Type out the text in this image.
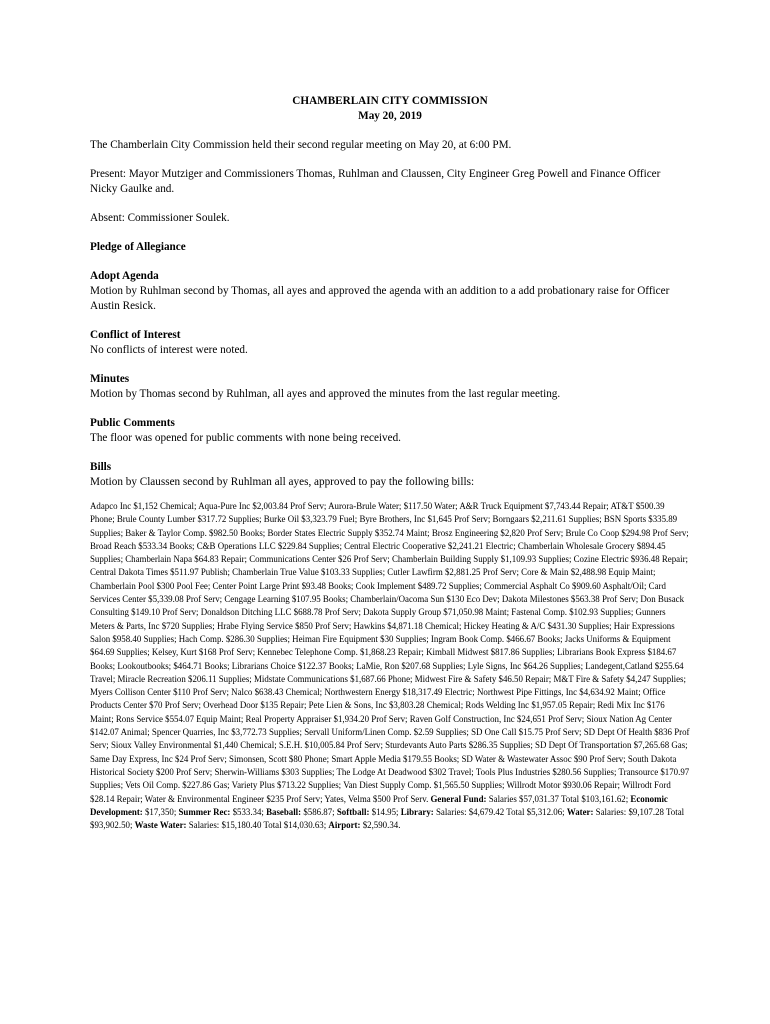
CHAMBERLAIN CITY COMMISSION
May 20, 2019

The Chamberlain City Commission held their second regular meeting on May 20, at 6:00 PM.

Present: Mayor Mutziger and Commissioners Thomas, Ruhlman and Claussen, City Engineer Greg Powell and Finance Officer Nicky Gaulke and.

Absent: Commissioner Soulek.

Pledge of Allegiance

Adopt Agenda

Motion by Ruhlman second by Thomas, all ayes and approved the agenda with an addition to a add probationary raise for Officer Austin Resick.

Conflict of Interest

No conflicts of interest were noted.

Minutes

Motion by Thomas second by Ruhlman, all ayes and approved the minutes from the last regular meeting.

Public Comments

The floor was opened for public comments with none being received.

Bills

Motion by Claussen second by Ruhlman all ayes, approved to pay the following bills:

Adapco Inc $1,152 Chemical; Aqua-Pure Inc $2,003.84 Prof Serv; Aurora-Brule Water; $117.50 Water; A&R Truck Equipment $7,743.44 Repair; AT&T $500.39 Phone; Brule County Lumber $317.72 Supplies; Burke Oil $3,323.79 Fuel; Byre Brothers, Inc $1,645 Prof Serv; Borngaars $2,211.61 Supplies; BSN Sports $335.89 Supplies; Baker & Taylor Comp. $982.50 Books; Border States Electric Supply $352.74 Maint; Brosz Engineering $2,820 Prof Serv; Brule Co Coop $294.98 Prof Serv; Broad Reach $533.34 Books; C&B Operations LLC $229.84 Supplies; Central Electric Cooperative $2,241.21 Electric; Chamberlain Wholesale Grocery $894.45 Supplies; Chamberlain Napa $64.83 Repair; Communications Center $26 Prof Serv; Chamberlain Building Supply $1,109.93 Supplies; Cozine Electric $936.48 Repair; Central Dakota Times $511.97 Publish; Chamberlain True Value $103.33 Supplies; Cutler Lawfirm $2,881.25 Prof Serv; Core & Main $2,488.98 Equip Maint; Chamberlain Pool $300 Pool Fee; Center Point Large Print $93.48 Books; Cook Implement $489.72 Supplies; Commercial Asphalt Co $909.60 Asphalt/Oil; Card Services Center $5,339.08 Prof Serv; Cengage Learning $107.95 Books; Chamberlain/Oacoma Sun $130 Eco Dev; Dakota Milestones $563.38 Prof Serv; Don Busack Consulting $149.10 Prof Serv; Donaldson Ditching LLC $688.78 Prof Serv; Dakota Supply Group $71,050.98 Maint; Fastenal Comp. $102.93 Supplies; Gunners Meters & Parts, Inc $720 Supplies; Hrabe Flying Service $850 Prof Serv; Hawkins $4,871.18 Chemical; Hickey Heating & A/C $431.30 Supplies; Hair Expressions Salon $958.40 Supplies; Hach Comp. $286.30 Supplies; Heiman Fire Equipment $30 Supplies; Ingram Book Comp. $466.67 Books; Jacks Uniforms & Equipment $64.69 Supplies; Kelsey, Kurt $168 Prof Serv; Kennebec Telephone Comp. $1,868.23 Repair; Kimball Midwest $817.86 Supplies; Librarians Book Express $184.67 Books; Lookoutbooks; $464.71 Books; Librarians Choice $122.37 Books; LaMie, Ron $207.68 Supplies; Lyle Signs, Inc $64.26 Supplies; Landegent,Catland $255.64 Travel; Miracle Recreation $206.11 Supplies; Midstate Communications $1,687.66 Phone; Midwest Fire & Safety $46.50 Repair; M&T Fire & Safety $4,247 Supplies; Myers Collison Center $110 Prof Serv; Nalco $638.43 Chemical; Northwestern Energy $18,317.49 Electric; Northwest Pipe Fittings, Inc $4,634.92 Maint; Office Products Center $70 Prof Serv; Overhead Door $135 Repair; Pete Lien & Sons, Inc $3,803.28 Chemical; Rods Welding Inc $1,957.05 Repair; Redi Mix Inc $176 Maint; Rons Service $554.07 Equip Maint; Real Property Appraiser $1,934.20 Prof Serv; Raven Golf Construction, Inc $24,651 Prof Serv; Sioux Nation Ag Center $142.07 Animal; Spencer Quarries, Inc $3,772.73 Supplies; Servall Uniform/Linen Comp. $2.59 Supplies; SD One Call $15.75 Prof Serv; SD Dept Of Health $836 Prof Serv; Sioux Valley Environmental $1,440 Chemical; S.E.H. $10,005.84 Prof Serv; Sturdevants Auto Parts $286.35 Supplies; SD Dept Of Transportation $7,265.68 Gas; Same Day Express, Inc $24 Prof Serv; Simonsen, Scott $80 Phone; Smart Apple Media $179.55 Books; SD Water & Wastewater Assoc $90 Prof Serv; South Dakota Historical Society $200 Prof Serv; Sherwin-Williams $303 Supplies; The Lodge At Deadwood $302 Travel; Tools Plus Industries $280.56 Supplies; Transource $170.97 Supplies; Vets Oil Comp. $227.86 Gas; Variety Plus $713.22 Supplies; Van Diest Supply Comp. $1,565.50 Supplies; Willrodt Motor $930.06 Repair; Willrodt Ford $28.14 Repair; Water & Environmental Engineer $235 Prof Serv; Yates, Velma $500 Prof Serv. General Fund: Salaries $57,031.37 Total $103,161.62; Economic Development: $17,350; Summer Rec: $533.34; Baseball: $586.87; Softball: $14.95; Library: Salaries: $4,679.42 Total $5,312.06; Water: Salaries: $9,107.28 Total $93,902.50; Waste Water: Salaries: $15,180.40 Total $14,030.63; Airport: $2,590.34.
